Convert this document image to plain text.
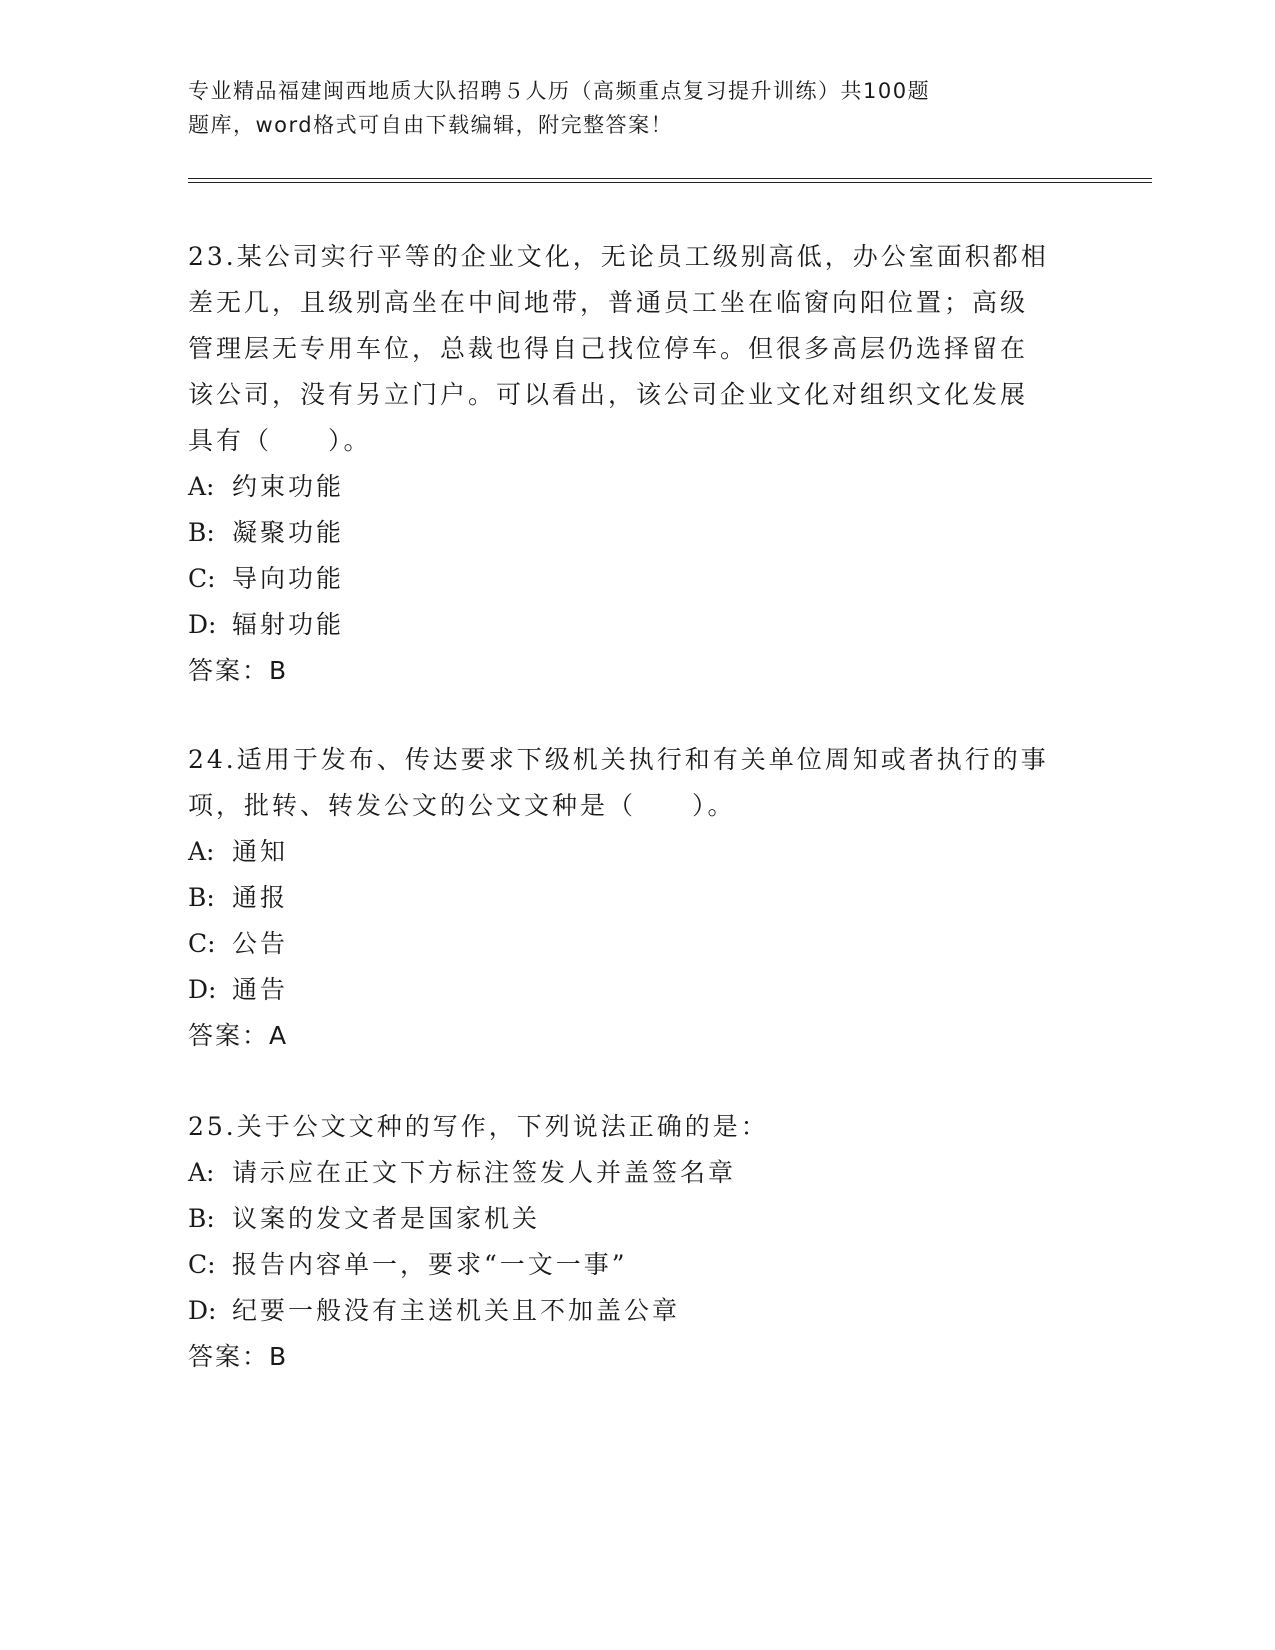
专业精品福建闽西地质大队招聘５人历（高频重点复习提升训练）共100题
题库，word格式可自由下载编辑，附完整答案！
23.某公司实行平等的企业文化，无论员工级别高低，办公室面积都相
差无几，且级别高坐在中间地带，普通员工坐在临窗向阳位置；高级
管理层无专用车位，总裁也得自己找位停车。但很多高层仍选择留在
该公司，没有另立门户。可以看出，该公司企业文化对组织文化发展
具有（　　）。
A: 约束功能
B: 凝聚功能
C: 导向功能
D: 辐射功能
答案：B
24.适用于发布、传达要求下级机关执行和有关单位周知或者执行的事
项，批转、转发公文的公文文种是（　　）。
A: 通知
B: 通报
C: 公告
D: 通告
答案：A
25.关于公文文种的写作，下列说法正确的是：
A: 请示应在正文下方标注签发人并盖签名章
B: 议案的发文者是国家机关
C: 报告内容单一，要求“一文一事”
D: 纪要一般没有主送机关且不加盖公章
答案：B
